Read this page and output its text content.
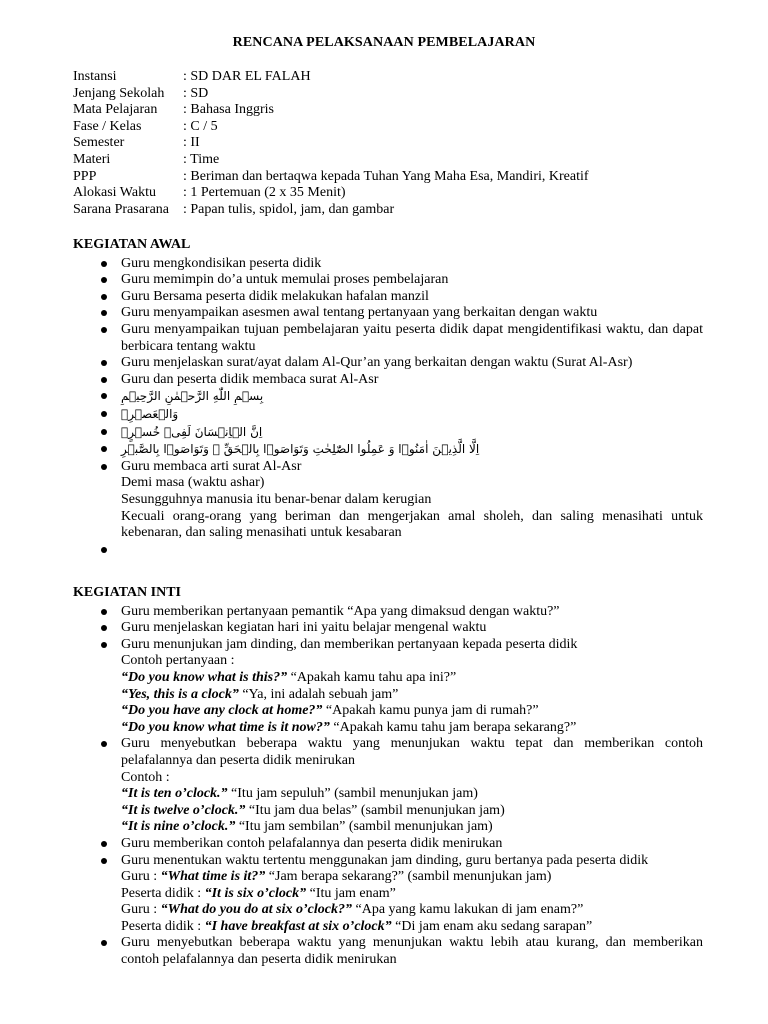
RENCANA PELAKSANAAN PEMBELAJARAN
Instansi	: SD DAR EL FALAH
Jenjang Sekolah	: SD
Mata Pelajaran	: Bahasa Inggris
Fase / Kelas	: C / 5
Semester	: II
Materi	: Time
PPP	: Beriman dan bertaqwa kepada Tuhan Yang Maha Esa, Mandiri, Kreatif
Alokasi Waktu	: 1 Pertemuan (2 x 35 Menit)
Sarana Prasarana : Papan tulis, spidol, jam, dan gambar
KEGIATAN AWAL
Guru mengkondisikan peserta didik
Guru memimpin do’a untuk memulai proses pembelajaran
Guru Bersama peserta didik melakukan hafalan manzil
Guru menyampaikan asesmen awal tentang pertanyaan yang berkaitan dengan waktu
Guru menyampaikan tujuan pembelajaran yaitu peserta didik dapat mengidentifikasi waktu, dan dapat berbicara tentang waktu
Guru menjelaskan surat/ayat dalam Al-Qur’an yang berkaitan dengan waktu (Surat Al-Asr)
Guru dan peserta didik membaca surat Al-Asr
بِسۡمِ اللّٰهِ الرَّحۡمٰنِ الرَّحِيۡمِ
وَالۡعَصۡرِۙ
اِنَّ الۡاِنۡسَانَ لَفِىۡ خُسۡرٍۙ
اِلَّا الَّذِيۡنَ اٰمَنُوۡا وَ عَمِلُوا الصّٰلِحٰتِ وَتَوَاصَوۡا بِالۡحَقِّ ۙ وَتَوَاصَوۡا بِالصَّبۡرِ
Guru membaca arti surat Al-Asr
Demi masa (waktu ashar)
Sesungguhnya manusia itu benar-benar dalam kerugian
Kecuali orang-orang yang beriman dan mengerjakan amal sholeh, dan saling menasihati untuk kebenaran, dan saling menasihati untuk kesabaran

KEGIATAN INTI
Guru memberikan pertanyaan pemantik “Apa yang dimaksud dengan waktu?”
Guru menjelaskan kegiatan hari ini yaitu belajar mengenal waktu
Guru menunjukan jam dinding, dan memberikan pertanyaan kepada peserta didik
Contoh pertanyaan :
“Do you know what is this?” “Apakah kamu tahu apa ini?”
“Yes, this is a clock” “Ya, ini adalah sebuah jam”
“Do you have any clock at home?” “Apakah kamu punya jam di rumah?”
“Do you know what time is it now?” “Apakah kamu tahu jam berapa sekarang?”
Guru menyebutkan beberapa waktu yang menunjukan waktu tepat dan memberikan contoh pelafalannya dan peserta didik menirukan
Contoh :
“It is ten o’clock.” “Itu jam sepuluh” (sambil menunjukan jam)
“It is twelve o’clock.” “Itu jam dua belas” (sambil menunjukan jam)
“It is nine o’clock.” “Itu jam sembilan” (sambil menunjukan jam)
Guru memberikan contoh pelafalannya dan peserta didik menirukan
Guru menentukan waktu tertentu menggunakan jam dinding, guru bertanya pada peserta didik
Guru : “What time is it?” “Jam berapa sekarang?” (sambil menunjukan jam)
Peserta didik : “It is six o’clock” “Itu jam enam”
Guru : “What do you do at six o’clock?” “Apa yang kamu lakukan di jam enam?”
Peserta didik : “I have breakfast at six o’clock” “Di jam enam aku sedang sarapan”
Guru menyebutkan beberapa waktu yang menunjukan waktu lebih atau kurang, dan memberikan contoh pelafalannya dan peserta didik menirukan
